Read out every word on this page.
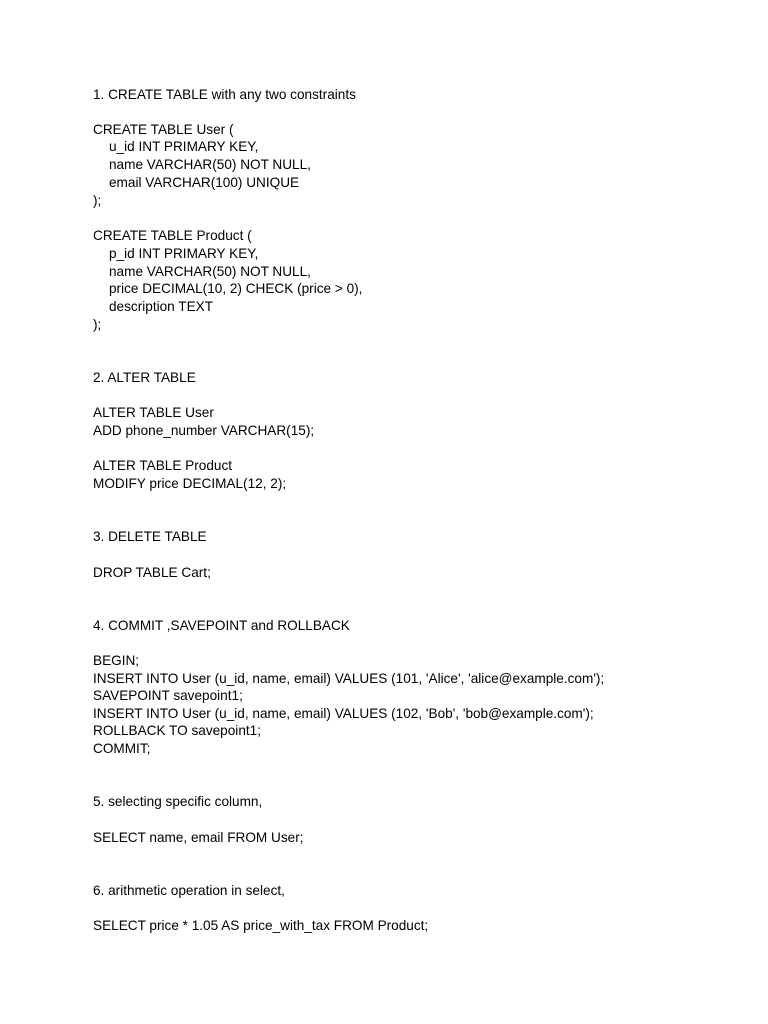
1. CREATE TABLE with any two constraints
CREATE TABLE User (
u_id INT PRIMARY KEY,
name VARCHAR(50) NOT NULL,
email VARCHAR(100) UNIQUE
);
CREATE TABLE Product (
p_id INT PRIMARY KEY,
name VARCHAR(50) NOT NULL,
price DECIMAL(10, 2) CHECK (price > 0),
description TEXT
);
2. ALTER TABLE
ALTER TABLE User
ADD phone_number VARCHAR(15);
ALTER TABLE Product
MODIFY price DECIMAL(12, 2);
3. DELETE TABLE
DROP TABLE Cart;
4. COMMIT ,SAVEPOINT and ROLLBACK
BEGIN;
INSERT INTO User (u_id, name, email) VALUES (101, 'Alice', 'alice@example.com');
SAVEPOINT savepoint1;
INSERT INTO User (u_id, name, email) VALUES (102, 'Bob', 'bob@example.com');
ROLLBACK TO savepoint1;
COMMIT;
5. selecting specific column,
SELECT name, email FROM User;
6. arithmetic operation in select,
SELECT price * 1.05 AS price_with_tax FROM Product;
